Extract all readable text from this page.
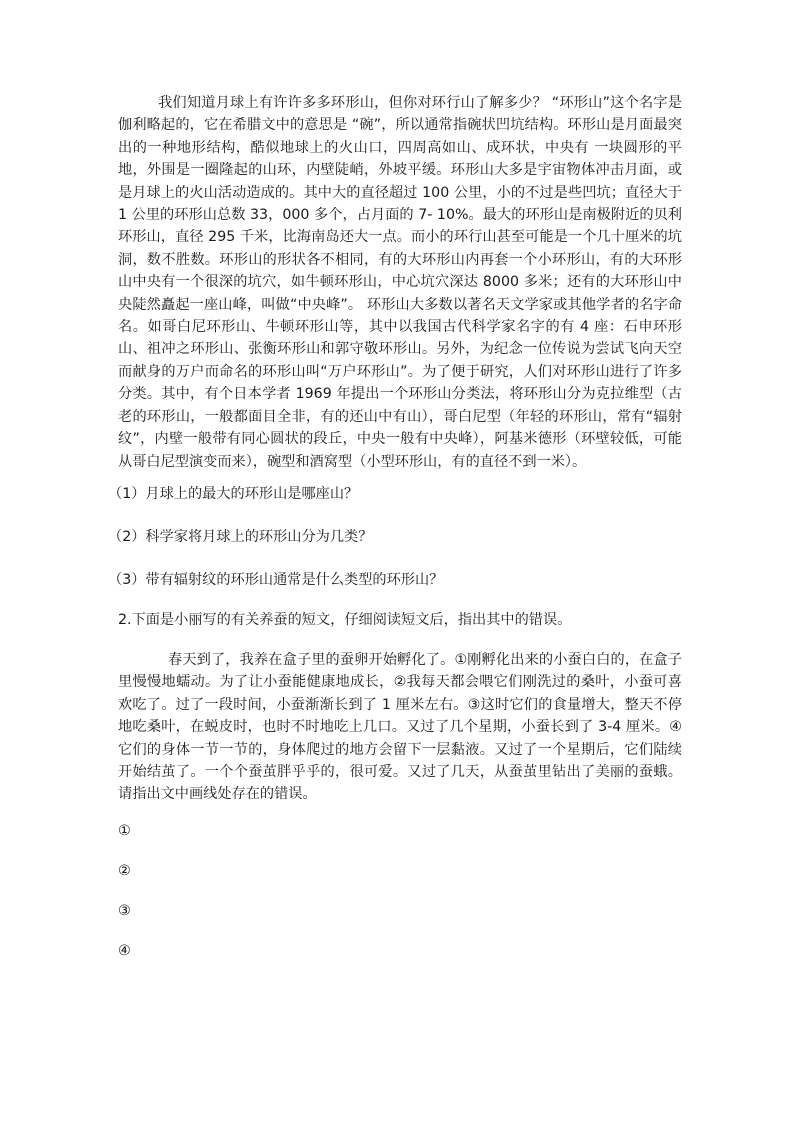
我们知道月球上有许许多多环形山，但你对环行山了解多少？ “环形山”这个名字是伽利略起的，它在希腊文中的意思是 “碗”，所以通常指碗状凹坑结构。环形山是月面最突出的一种地形结构，酷似地球上的火山口，四周高如山、成环状，中央有 一块圆形的平地，外围是一圈隆起的山环，内壁陡峭，外坡平缓。环形山大多是宇宙物体冲击月面，或是月球上的火山活动造成的。其中大的直径超过 100 公里，小的不过是些凹坑；直径大于 1 公里的环形山总数 33，000 多个，占月面的 7- 10%。最大的环形山是南极附近的贝利环形山，直径 295 千米，比海南岛还大一点。而小的环行山甚至可能是一个几十厘米的坑洞，数不胜数。环形山的形状各不相同，有的大环形山内再套一个小环形山，有的大环形山中央有一个很深的坑穴，如牛顿环形山，中心坑穴深达 8000 多米；还有的大环形山中央陡然矗起一座山峰，叫做“中央峰”。 环形山大多数以著名天文学家或其他学者的名字命名。如哥白尼环形山、牛顿环形山等，其中以我国古代科学家名字的有 4 座：石申环形山、祖冲之环形山、张衡环形山和郭守敬环形山。另外，为纪念一位传说为尝试飞向天空而献身的万户而命名的环形山叫“万户环形山”。为了便于研究，人们对环形山进行了许多分类。其中，有个日本学者 1969 年提出一个环形山分类法，将环形山分为克拉维型（古老的环形山，一般都面目全非，有的还山中有山），哥白尼型（年轻的环形山，常有“辐射纹”，内壁一般带有同心圆状的段丘，中央一般有中央峰），阿基米德形（环壁较低，可能从哥白尼型演变而来），碗型和酒窝型（小型环形山，有的直径不到一米）。

（1）月球上的最大的环形山是哪座山？

（2）科学家将月球上的环形山分为几类？

（3）带有辐射纹的环形山通常是什么类型的环形山？

2.下面是小丽写的有关养蚕的短文，仔细阅读短文后，指出其中的错误。

春天到了，我养在盒子里的蚕卵开始孵化了。①刚孵化出来的小蚕白白的，在盒子里慢慢地蠕动。为了让小蚕能健康地成长，②我每天都会喂它们刚洗过的桑叶，小蚕可喜欢吃了。过了一段时间，小蚕渐渐长到了 1 厘米左右。③这时它们的食量增大，整天不停地吃桑叶，在蜕皮时，也时不时地吃上几口。又过了几个星期，小蚕长到了 3-4 厘米。④它们的身体一节一节的，身体爬过的地方会留下一层黏液。又过了一个星期后，它们陆续开始结茧了。一个个蚕茧胖乎乎的，很可爱。又过了几天，从蚕茧里钻出了美丽的蚕蛾。请指出文中画线处存在的错误。

①

②

③

④
